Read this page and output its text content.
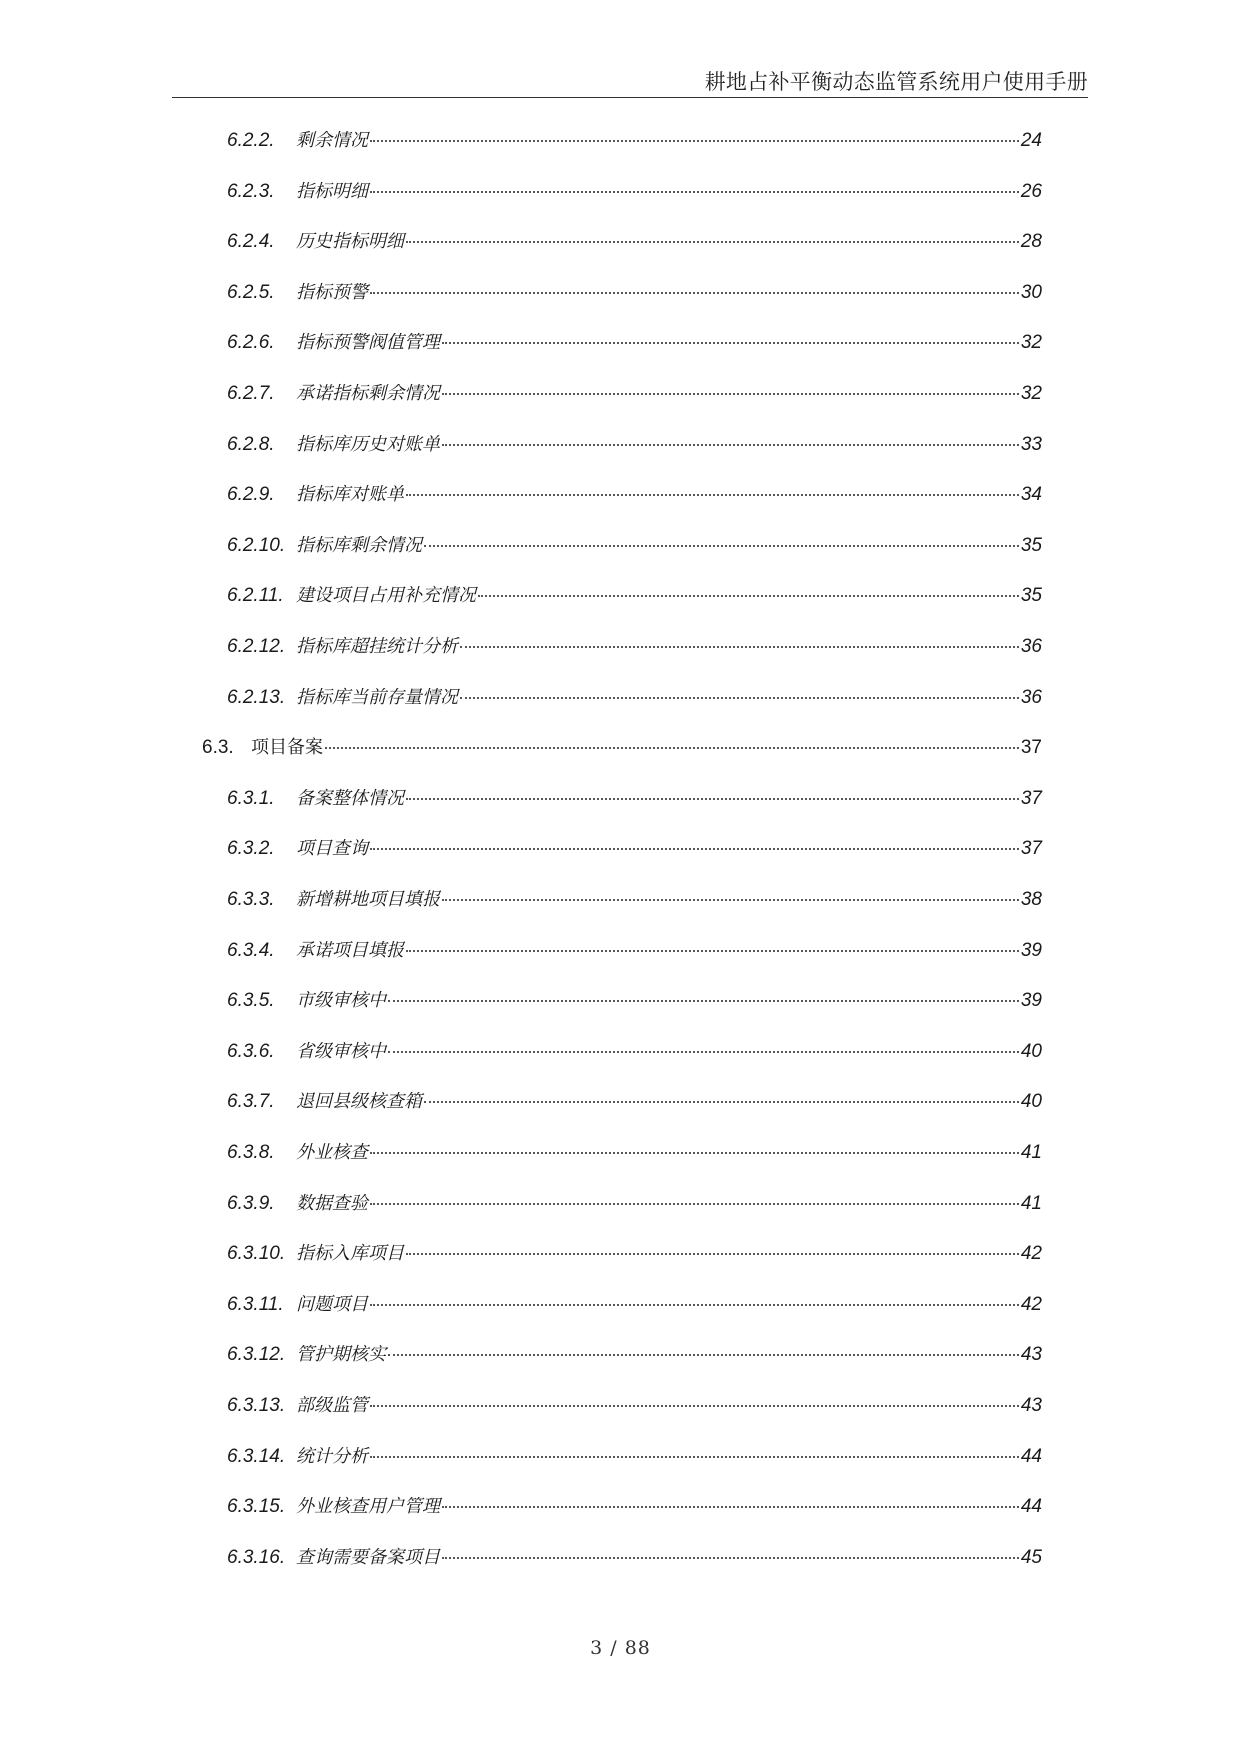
耕地占补平衡动态监管系统用户使用手册
6.2.2.	剩余情况	24
6.2.3.	指标明细	26
6.2.4.	历史指标明细	28
6.2.5.	指标预警	30
6.2.6.	指标预警阀值管理	32
6.2.7.	承诺指标剩余情况	32
6.2.8.	指标库历史对账单	33
6.2.9.	指标库对账单	34
6.2.10. 指标库剩余情况	35
6.2.11. 建设项目占用补充情况	35
6.2.12. 指标库超挂统计分析	36
6.2.13. 指标库当前存量情况	36
6.3. 项目备案	37
6.3.1.	备案整体情况	37
6.3.2.	项目查询	37
6.3.3.	新增耕地项目填报	38
6.3.4.	承诺项目填报	39
6.3.5.	市级审核中	39
6.3.6.	省级审核中	40
6.3.7.	退回县级核查箱	40
6.3.8.	外业核查	41
6.3.9.	数据查验	41
6.3.10. 指标入库项目	42
6.3.11. 问题项目	42
6.3.12. 管护期核实	43
6.3.13. 部级监管	43
6.3.14. 统计分析	44
6.3.15. 外业核查用户管理	44
6.3.16. 查询需要备案项目	45
3 / 88
